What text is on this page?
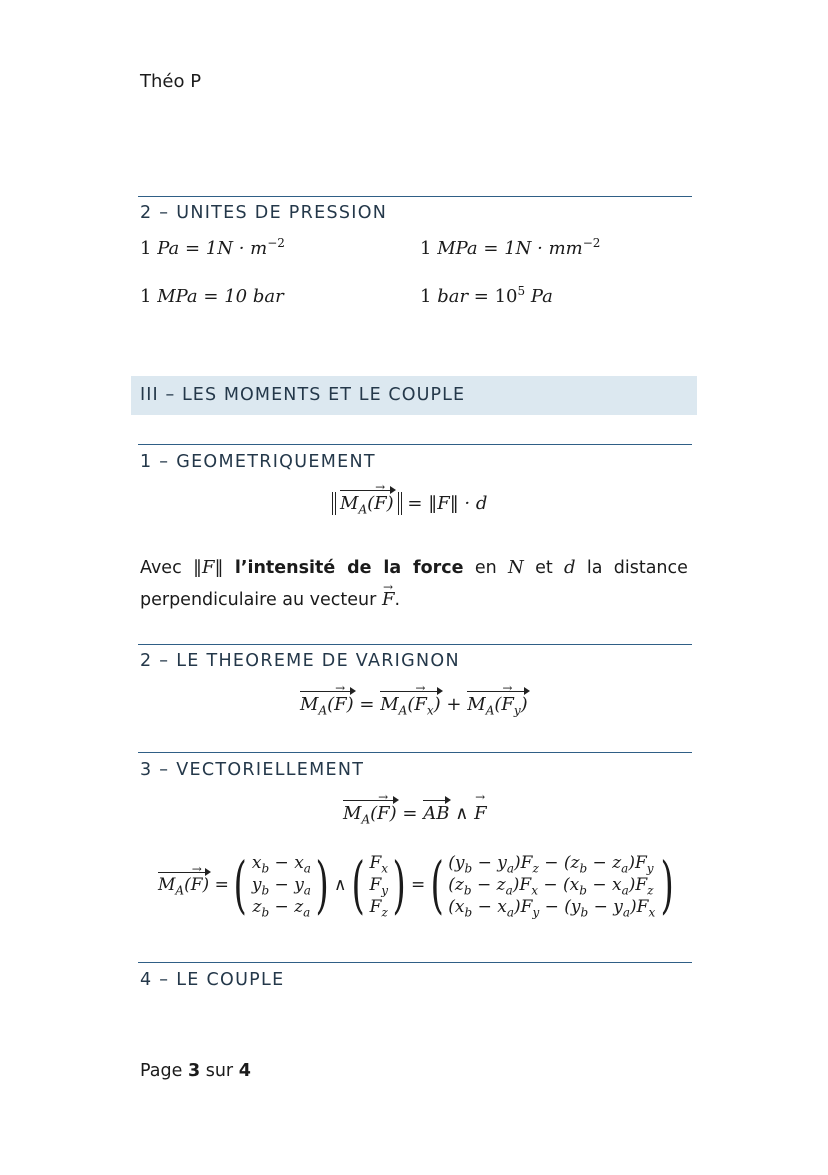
Théo P
2 – UNITES DE PRESSION
1 $Pa = 1N \cdot m^{-2}$	1 MPa = $1N \cdot mm^{-2}$
1 MPa = 10 bar	1 bar = $10^5$ Pa
III – LES MOMENTS ET LE COUPLE
1 – GEOMETRIQUEMENT
$M_A(F$ →) = ‖F‖ · d
Avec ‖F‖ l’intensité de la force en N et d la distance perpendiculaire au vecteur F →.
2 – LE THEOREME DE VARIGNON
$M_A(F$ →) = $M_A(F_x$ →) + $M_A(F_y$ →)
3 – VECTORIELLEMENT
$M_A(F$ →) = AB ∧ F →
$M_A(F$ →) = ( $x_b - x_a$
$y_b - y_a$
$z_b - z_a$ ) ∧ ( $F_x$
$F_y$
$F_z$ ) = ( $(y_b - y_a)F_z - (z_b - z_a)F_y$
$(z_b - z_a)F_x - (x_b - x_a)F_z$
$(x_b - x_a)F_y - (y_b - y_a)F_x$ )
4 – LE COUPLE
Page 3 sur 4
